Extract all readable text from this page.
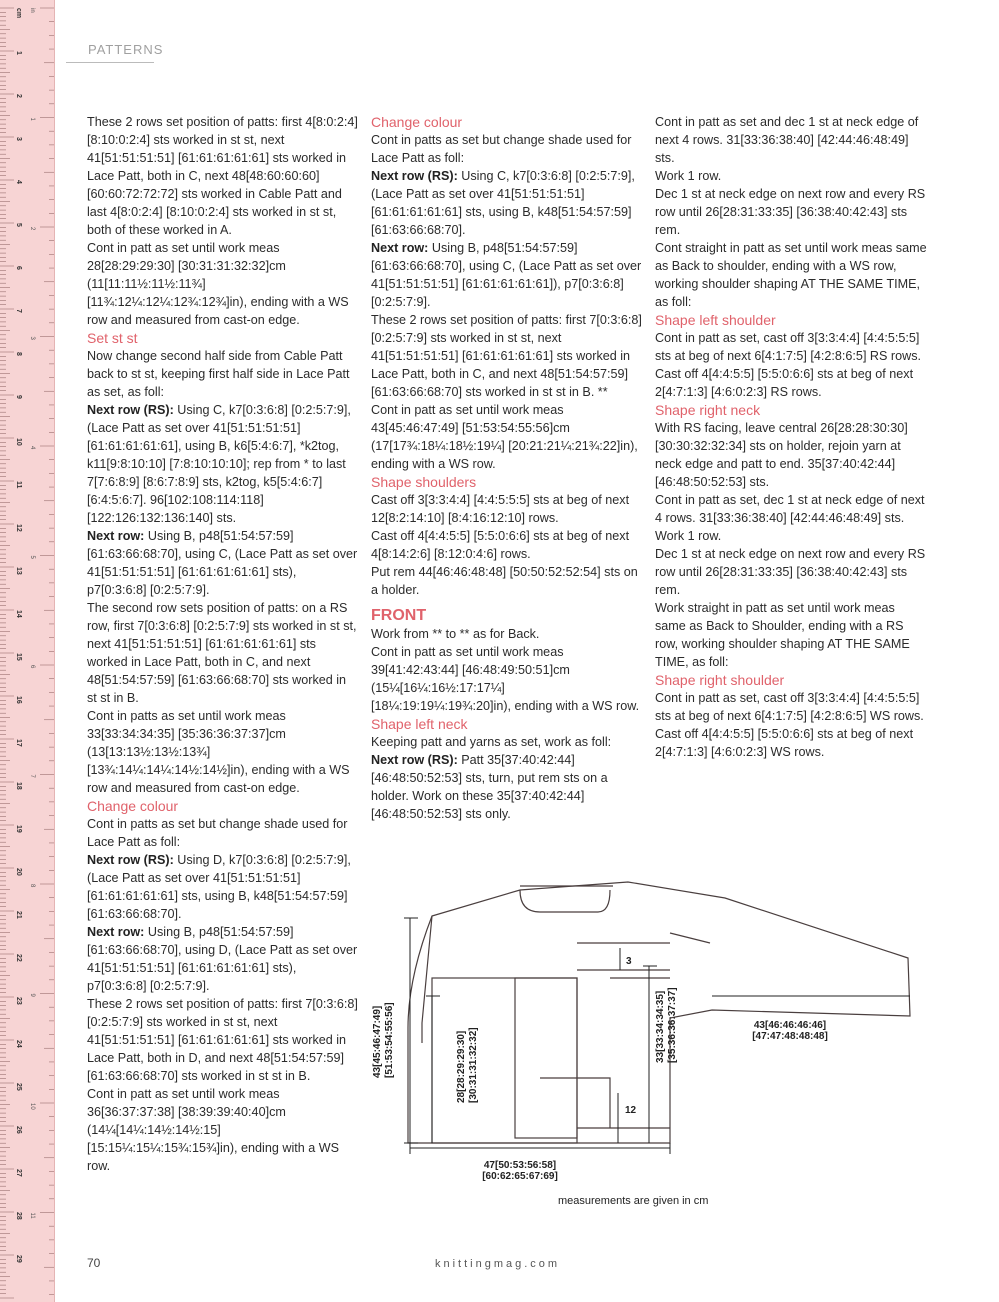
cm
1
2
3
4
5
6
7
8
9
10
11
12
13
14
15
16
17
18
19
20
21
22
23
24
25
26
27
28
29
in
1
2
3
4
5
6
7
8
9
10
11
PATTERNS

These 2 rows set position of patts: first 4[8:0:2:4] [8:10:0:2:4] sts worked in st st, next 41[51:51:51:51] [61:61:61:61:61] sts worked in Lace Patt, both in C, next 48[48:60:60:60] [60:60:72:72:72] sts worked in Cable Patt and last 4[8:0:2:4] [8:10:0:2:4] sts worked in st st, both of these worked in A.

Cont in patt as set until work meas 28[28:29:29:30] [30:31:31:32:32]cm (11[11:11½:11½:11¾] [11¾:12¼:12¼:12¾:12¾]in), ending with a WS row and measured from cast-on edge.

Set st st

Now change second half side from Cable Patt back to st st, keeping first half side in Lace Patt as set, as foll:

Next row (RS): Using C, k7[0:3:6:8] [0:2:5:7:9], (Lace Patt as set over 41[51:51:51:51] [61:61:61:61:61], using B, k6[5:4:6:7], *k2tog, k11[9:8:10:10] [7:8:10:10:10]; rep from * to last 7[7:6:8:9] [8:6:7:8:9] sts, k2tog, k5[5:4:6:7] [6:4:5:6:7]. 96[102:108:114:118] [122:126:132:136:140] sts.

Next row: Using B, p48[51:54:57:59] [61:63:66:68:70], using C, (Lace Patt as set over 41[51:51:51:51] [61:61:61:61:61] sts), p7[0:3:6:8] [0:2:5:7:9].

The second row sets position of patts: on a RS row, first 7[0:3:6:8] [0:2:5:7:9] sts worked in st st, next 41[51:51:51:51] [61:61:61:61:61] sts worked in Lace Patt, both in C, and next 48[51:54:57:59] [61:63:66:68:70] sts worked in st st in B.

Cont in patts as set until work meas 33[33:34:34:35] [35:36:36:37:37]cm (13[13:13½:13½:13¾] [13¾:14¼:14¼:14½:14½]in), ending with a WS row and measured from cast-on edge.

Change colour

Cont in patts as set but change shade used for Lace Patt as foll:

Next row (RS): Using D, k7[0:3:6:8] [0:2:5:7:9], (Lace Patt as set over 41[51:51:51:51] [61:61:61:61:61] sts, using B, k48[51:54:57:59] [61:63:66:68:70].

Next row: Using B, p48[51:54:57:59] [61:63:66:68:70], using D, (Lace Patt as set over 41[51:51:51:51] [61:61:61:61:61] sts), p7[0:3:6:8] [0:2:5:7:9].

These 2 rows set position of patts: first 7[0:3:6:8] [0:2:5:7:9] sts worked in st st, next 41[51:51:51:51] [61:61:61:61:61] sts worked in Lace Patt, both in D, and next 48[51:54:57:59] [61:63:66:68:70] sts worked in st st in B.

Cont in patt as set until work meas 36[36:37:37:38] [38:39:39:40:40]cm (14¼[14¼:14½:14½:15] [15:15¼:15¼:15¾:15¾]in), ending with a WS row.

Change colour

Cont in patts as set but change shade used for Lace Patt as foll:

Next row (RS): Using C, k7[0:3:6:8] [0:2:5:7:9], (Lace Patt as set over 41[51:51:51:51] [61:61:61:61:61] sts, using B, k48[51:54:57:59] [61:63:66:68:70].

Next row: Using B, p48[51:54:57:59] [61:63:66:68:70], using C, (Lace Patt as set over 41[51:51:51:51] [61:61:61:61:61]), p7[0:3:6:8] [0:2:5:7:9].

These 2 rows set position of patts: first 7[0:3:6:8] [0:2:5:7:9] sts worked in st st, next 41[51:51:51:51] [61:61:61:61:61] sts worked in Lace Patt, both in C, and next 48[51:54:57:59] [61:63:66:68:70] sts worked in st st in B. **

Cont in patt as set until work meas 43[45:46:47:49] [51:53:54:55:56]cm (17[17¾:18¼:18½:19¼] [20:21:21¼:21¾:22]in), ending with a WS row.

Shape shoulders

Cast off 3[3:3:4:4] [4:4:5:5:5] sts at beg of next 12[8:2:14:10] [8:4:16:12:10] rows.

Cast off 4[4:4:5:5] [5:5:0:6:6] sts at beg of next 4[8:14:2:6] [8:12:0:4:6] rows.

Put rem 44[46:46:48:48] [50:50:52:52:54] sts on a holder.

FRONT

Work from ** to ** as for Back.

Cont in patt as set until work meas 39[41:42:43:44] [46:48:49:50:51]cm (15¼[16¼:16½:17:17¼] [18¼:19:19¼:19¾:20]in), ending with a WS row.

Shape left neck

Keeping patt and yarns as set, work as foll:

Next row (RS): Patt 35[37:40:42:44] [46:48:50:52:53] sts, turn, put rem sts on a holder. Work on these 35[37:40:42:44] [46:48:50:52:53] sts only.

Cont in patt as set and dec 1 st at neck edge of next 4 rows. 31[33:36:38:40] [42:44:46:48:49] sts.

Work 1 row.

Dec 1 st at neck edge on next row and every RS row until 26[28:31:33:35] [36:38:40:42:43] sts rem.

Cont straight in patt as set until work meas same as Back to shoulder, ending with a WS row, working shoulder shaping AT THE SAME TIME, as foll:

Shape left shoulder

Cont in patt as set, cast off 3[3:3:4:4] [4:4:5:5:5] sts at beg of next 6[4:1:7:5] [4:2:8:6:5] RS rows.

Cast off 4[4:4:5:5] [5:5:0:6:6] sts at beg of next 2[4:7:1:3] [4:6:0:2:3] RS rows.

Shape right neck

With RS facing, leave central 26[28:28:30:30] [30:30:32:32:34] sts on holder, rejoin yarn at neck edge and patt to end. 35[37:40:42:44] [46:48:50:52:53] sts.

Cont in patt as set, dec 1 st at neck edge of next 4 rows. 31[33:36:38:40] [42:44:46:48:49] sts.

Work 1 row.

Dec 1 st at neck edge on next row and every RS row until 26[28:31:33:35] [36:38:40:42:43] sts rem.

Work straight in patt as set until work meas same as Back to Shoulder, ending with a RS row, working shoulder shaping AT THE SAME TIME, as foll:

Shape right shoulder

Cont in patt as set, cast off 3[3:3:4:4] [4:4:5:5:5] sts at beg of next 6[4:1:7:5] [4:2:8:6:5] WS rows.

Cast off 4[4:4:5:5] [5:5:0:6:6] sts at beg of next 2[4:7:1:3] [4:6:0:2:3] WS rows.

43[45:46:47:49] [51:53:54:55:56]	28[28:29:29:30] [30:31:31:32:32]
33[33:34:34:35] [35:36:36:37:37]
3
12
47[50:53:56:58]
[60:62:65:67:69]
43[46:46:46:46]
[47:47:48:48:48]
measurements are given in cm
70	knittingmag.com
